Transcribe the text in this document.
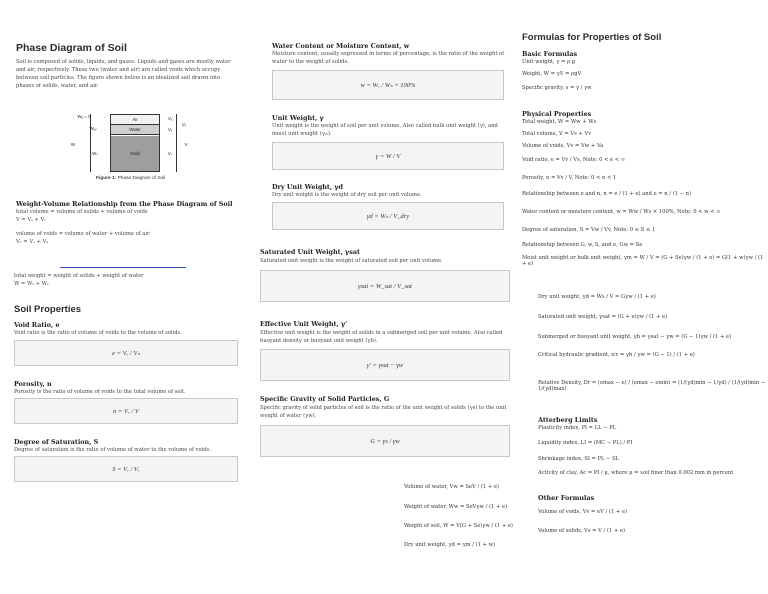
Phase Diagram of Soil
Soil is composed of solids, liquids, and gases. Liquids and gases are mostly water and air, respectively. These two (water and air) are called voids which occupy between soil particles. The figure shown below is an idealized soil drawn into phases of solids, water, and air.
Air
Water
Solid
Wₐ = 0
Wᵥᵥ
W
Wₛ
Vₐ
Vᵥ
Vᵥ
V
Vₛ
Figure 1: Phase Diagram of Soil
Weight-Volume Relationship from the Phase Diagram of Soil
total volume = volume of solids + volume of voids
V = Vₛ + Vᵥ
volume of voids = volume of water + volume of air
Vᵥ = Vᵥ + Vₐ
total weight = weight of solids + weight of water
W = Wₛ + Wᵥ
Soil Properties
Void Ratio, e
Void ratio is the ratio of volume of voids to the volume of solids.
e = Vᵥ / Vₛ
Porosity, n
Porosity is the ratio of volume of voids to the total volume of soil.
n = Vᵥ / V
Degree of Saturation, S
Degree of saturation is the ratio of volume of water to the volume of voids.
S = Vᵥ / Vᵥ
Water Content or Moisture Content, w
Moisture content, usually expressed in terms of percentage, is the ratio of the weight of water to the weight of solids.
w = Wᵥ / Wₛ × 100%
Unit Weight, γ
Unit weight is the weight of soil per unit volume. Also called bulk unit weight (γ), and moist unit weight (γₘ).
γ = W / V
Dry Unit Weight, γd
Dry unit weight is the weight of dry soil per unit volume.
γd = Wₛ / V_dry
Saturated Unit Weight, γsat
Saturated unit weight is the weight of saturated soil per unit volume.
γsat = W_sat / V_sat
Effective Unit Weight, γ'
Effective unit weight is the weight of solids in a submerged soil per unit volume. Also called buoyant density or buoyant unit weight (γb).
γ' = γsat − γw
Specific Gravity of Solid Particles, G
Specific gravity of solid particles of soil is the ratio of the unit weight of solids (γs) to the unit weight of water (γw).
G = γs / γw
Volume of water, Vw = SeV / (1 + e)
Weight of water, Ww = SeVγw / (1 + e)
Weight of soil, W = V(G + Se)γw / (1 + e)
Dry unit weight, γd = γm / (1 + w)
Formulas for Properties of Soil
Basic Formulas
Unit weight, γ = ρ g
Weight, W = γV = ρgV
Specific gravity, s = γ / γw
Physical Properties
Total weight, W = Ww + Ws
Total volume, V = Vs + Vv
Volume of voids, Vv = Vw + Va
Void ratio, e = Vv / Vs, Note: 0 < e < ∞
Porosity, n = Vv / V, Note: 0 < n < 1
Relationship between e and n, n = e / (1 + e) and e = n / (1 − n)
Water content or moisture content, w = Ww / Ws × 100%, Note: 0 < w < ∞
Degree of saturation, S = Vw / Vv, Note: 0 ≤ S ≤ 1
Relationship between G, w, S, and e, Gw = Se
Moist unit weight or bulk unit weight, γm = W / V = (G + Se)γw / (1 + e) = G(1 + w)γw / (1 + e)
Dry unit weight, γd = Ws / V = Gγw / (1 + e)
Saturated unit weight, γsat = (G + e)γw / (1 + e)
Submerged or buoyant unit weight, γb = γsat − γw = (G − 1)γw / (1 + e)
Critical hydraulic gradient, icr = γb / γw = (G − 1) / (1 + e)
Relative Density, Dr = (emax − e) / (emax − emin) = (1/(γd)min − 1/γd) / (1/(γd)min − 1/(γd)max)
Atterberg Limits
Plasticity index, PI = LL − PL
Liquidity index, LI = (MC − PL) / PI
Shrinkage index, SI = PL − SL
Activity of clay, Ac = PI / μ, where μ = soil finer than 0.002 mm in percent
Other Formulas
Volume of voids, Vv = eV / (1 + e)
Volume of solids, Vs = V / (1 + e)
